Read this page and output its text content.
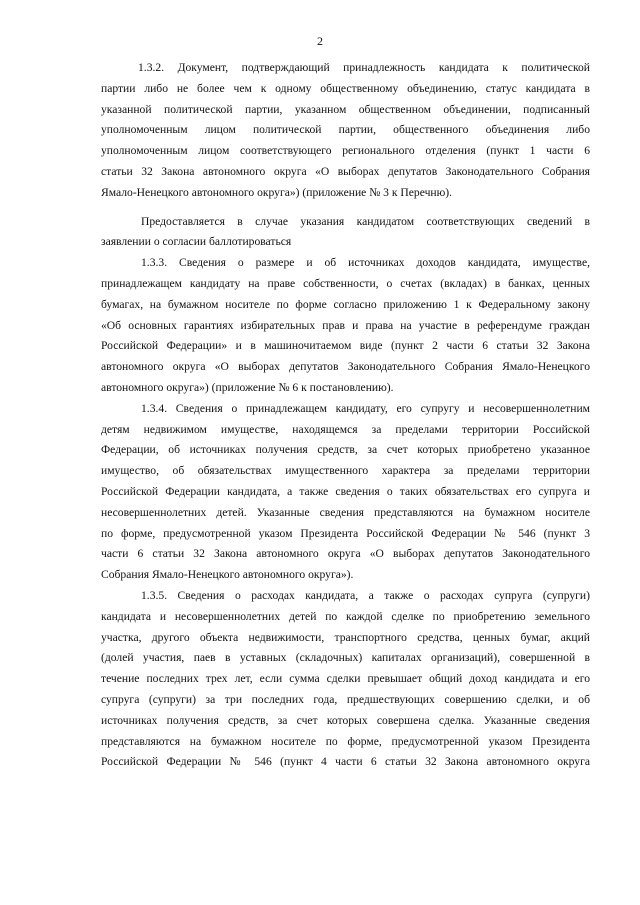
2
1.3.2. Документ, подтверждающий принадлежность кандидата к политической
партии либо не более чем к одному общественному объединению, статус кандидата в
указанной политической партии, указанном общественном объединении, подписанный
уполномоченным лицом политической партии, общественного объединения либо
уполномоченным лицом соответствующего регионального отделения (пункт 1 части 6
статьи 32 Закона автономного округа «О выборах депутатов Законодательного Собрания
Ямало-Ненецкого автономного округа») (приложение № 3 к Перечню).
Предоставляется в случае указания кандидатом соответствующих сведений в
заявлении о согласии баллотироваться
1.3.3. Сведения о размере и об источниках доходов кандидата, имуществе,
принадлежащем кандидату на праве собственности, о счетах (вкладах) в банках, ценных
бумагах, на бумажном носителе по форме согласно приложению 1 к Федеральному закону
«Об основных гарантиях избирательных прав и права на участие в референдуме граждан
Российской Федерации» и в машиночитаемом виде (пункт 2 части 6 статьи 32 Закона
автономного округа «О выборах депутатов Законодательного Собрания Ямало-Ненецкого
автономного округа») (приложение № 6 к постановлению).
1.3.4. Сведения о принадлежащем кандидату, его супругу и несовершеннолетним
детям недвижимом имуществе, находящемся за пределами территории Российской
Федерации, об источниках получения средств, за счет которых приобретено указанное
имущество, об обязательствах имущественного характера за пределами территории
Российской Федерации кандидата, а также сведения о таких обязательствах его супруга и
несовершеннолетних детей. Указанные сведения представляются на бумажном носителе
по форме, предусмотренной указом Президента Российской Федерации № 546 (пункт 3
части 6 статьи 32 Закона автономного округа «О выборах депутатов Законодательного
Собрания Ямало-Ненецкого автономного округа»).
1.3.5. Сведения о расходах кандидата, а также о расходах супруга (супруги)
кандидата и несовершеннолетних детей по каждой сделке по приобретению земельного
участка, другого объекта недвижимости, транспортного средства, ценных бумаг, акций
(долей участия, паев в уставных (складочных) капиталах организаций), совершенной в
течение последних трех лет, если сумма сделки превышает общий доход кандидата и его
супруга (супруги) за три последних года, предшествующих совершению сделки, и об
источниках получения средств, за счет которых совершена сделка. Указанные сведения
представляются на бумажном носителе по форме, предусмотренной указом Президента
Российской Федерации № 546 (пункт 4 части 6 статьи 32 Закона автономного округа
